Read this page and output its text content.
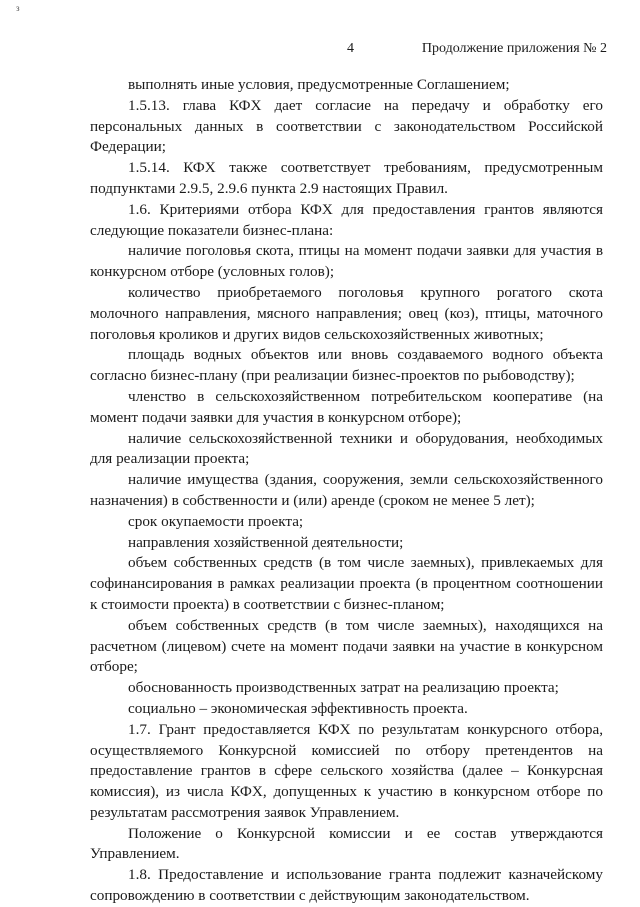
з
4	Продолжение приложения № 2

выполнять иные условия, предусмотренные Соглашением;

1.5.13. глава КФХ дает согласие на передачу и обработку его персональных данных в соответствии с законодательством Российской Федерации;

1.5.14. КФХ также соответствует требованиям, предусмотренным подпунктами 2.9.5, 2.9.6 пункта 2.9 настоящих Правил.

1.6. Критериями отбора КФХ для предоставления грантов являются следующие показатели бизнес-плана:

наличие поголовья скота, птицы на момент подачи заявки для участия в конкурсном отборе (условных голов);

количество приобретаемого поголовья крупного рогатого скота молочного направления, мясного направления; овец (коз), птицы, маточного поголовья кроликов и других видов сельскохозяйственных животных;

площадь водных объектов или вновь создаваемого водного объекта согласно бизнес-плану (при реализации бизнес-проектов по рыбоводству);

членство в сельскохозяйственном потребительском кооперативе (на момент подачи заявки для участия в конкурсном отборе);

наличие сельскохозяйственной техники и оборудования, необходимых для реализации проекта;

наличие имущества (здания, сооружения, земли сельскохозяйственного назначения) в собственности и (или) аренде (сроком не менее 5 лет);

срок окупаемости проекта;

направления хозяйственной деятельности;

объем собственных средств (в том числе заемных), привлекаемых для софинансирования в рамках реализации проекта (в процентном соотношении к стоимости проекта) в соответствии с бизнес-планом;

объем собственных средств (в том числе заемных), находящихся на расчетном (лицевом) счете на момент подачи заявки на участие в конкурсном отборе;

обоснованность производственных затрат на реализацию проекта;

социально – экономическая эффективность проекта.

1.7. Грант предоставляется КФХ по результатам конкурсного отбора, осуществляемого Конкурсной комиссией по отбору претендентов на предоставление грантов в сфере сельского хозяйства (далее – Конкурсная комиссия), из числа КФХ, допущенных к участию в конкурсном отборе по результатам рассмотрения заявок Управлением.

Положение о Конкурсной комиссии и ее состав утверждаются Управлением.

1.8. Предоставление и использование гранта подлежит казначейскому сопровождению в соответствии с действующим законодательством.
